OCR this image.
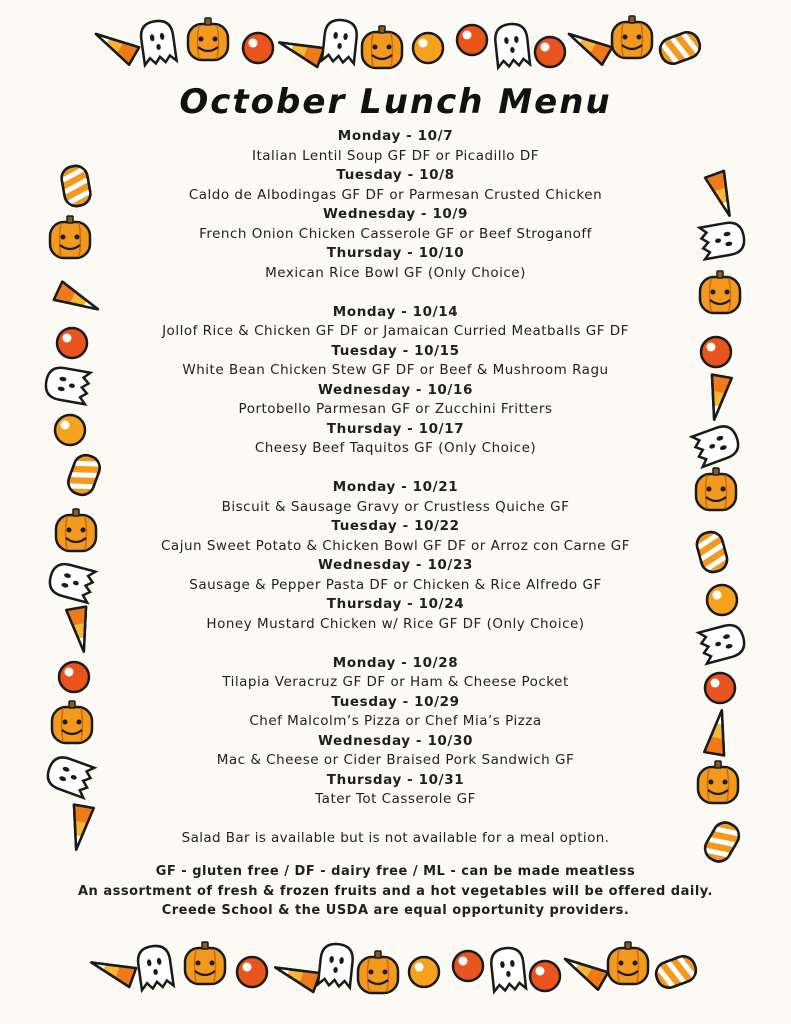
October Lunch Menu

Monday - 10/7

Italian Lentil Soup GF DF or Picadillo DF

Tuesday - 10/8

Caldo de Albodingas GF DF or Parmesan Crusted Chicken

Wednesday - 10/9

French Onion Chicken Casserole GF or Beef Stroganoff

Thursday - 10/10

Mexican Rice Bowl GF (Only Choice)

Monday - 10/14

Jollof Rice & Chicken GF DF or Jamaican Curried Meatballs GF DF

Tuesday - 10/15

White Bean Chicken Stew GF DF or Beef & Mushroom Ragu

Wednesday - 10/16

Portobello Parmesan GF or Zucchini Fritters

Thursday - 10/17

Cheesy Beef Taquitos GF (Only Choice)

Monday - 10/21

Biscuit & Sausage Gravy or Crustless Quiche GF

Tuesday - 10/22

Cajun Sweet Potato & Chicken Bowl GF DF or Arroz con Carne GF

Wednesday - 10/23

Sausage & Pepper Pasta DF or Chicken & Rice Alfredo GF

Thursday - 10/24

Honey Mustard Chicken w/ Rice GF DF (Only Choice)

Monday - 10/28

Tilapia Veracruz GF DF or Ham & Cheese Pocket

Tuesday - 10/29

Chef Malcolm’s Pizza or Chef Mia’s Pizza

Wednesday - 10/30

Mac & Cheese or Cider Braised Pork Sandwich GF

Thursday - 10/31

Tater Tot Casserole GF

Salad Bar is available but is not available for a meal option.

GF - gluten free / DF - dairy free / ML - can be made meatless

An assortment of fresh & frozen fruits and a hot vegetables will be offered daily.

Creede School & the USDA are equal opportunity providers.
